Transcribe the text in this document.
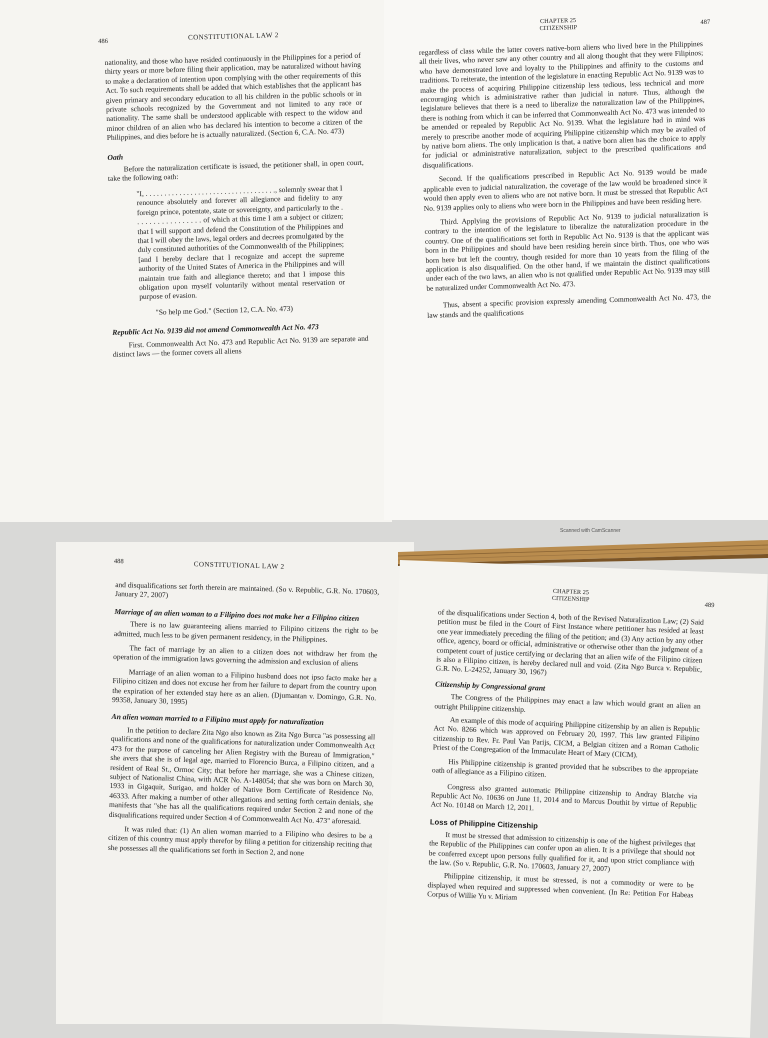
486	CONSTITUTIONAL LAW 2

nationality, and those who have resided continuously in the Philippines for a period of thirty years or more before filing their application, may be naturalized without having to make a declaration of intention upon complying with the other requirements of this Act. To such requirements shall be added that which establishes that the applicant has given primary and secondary education to all his children in the public schools or in private schools recognized by the Government and not limited to any race or nationality. The same shall be understood applicable with respect to the widow and minor children of an alien who has declared his intention to become a citizen of the Philippines, and dies before he is actually naturalized. (Section 6, C.A. No. 473)

Oath

Before the naturalization certificate is issued, the petitioner shall, in open court, take the following oath:

"I, . . . . . . . . . . . . . . . . . . . . . . . . . . . . . . . . . . ., solemnly swear that I renounce absolutely and forever all allegiance and fidelity to any foreign prince, potentate, state or sovereignty, and particularly to the . . . . . . . . . . . . . . . . . of which at this time I am a subject or citizen; that I will support and defend the Constitution of the Philippines and that I will obey the laws, legal orders and decrees promulgated by the duly constituted authorities of the Commonwealth of the Philippines; [and I hereby declare that I recognize and accept the supreme authority of the United States of America in the Philippines and will maintain true faith and allegiance thereto; and that I impose this obligation upon myself voluntarily without mental reservation or purpose of evasion.

"So help me God." (Section 12, C.A. No. 473)

Republic Act No. 9139 did not amend Commonwealth Act No. 473

First. Commonwealth Act No. 473 and Republic Act No. 9139 are separate and distinct laws — the former covers all aliens

CHAPTER 25
CITIZENSHIP
487

regardless of class while the latter covers native-born aliens who lived here in the Philippines all their lives, who never saw any other country and all along thought that they were Filipinos; who have demonstrated love and loyalty to the Philippines and affinity to the customs and traditions. To reiterate, the intention of the legislature in enacting Republic Act No. 9139 was to make the process of acquiring Philippine citizenship less tedious, less technical and more encouraging which is administrative rather than judicial in nature. Thus, although the legislature believes that there is a need to liberalize the naturalization law of the Philippines, there is nothing from which it can be inferred that Commonwealth Act No. 473 was intended to be amended or repealed by Republic Act No. 9139. What the legislature had in mind was merely to prescribe another mode of acquiring Philippine citizenship which may be availed of by native born aliens. The only implication is that, a native born alien has the choice to apply for judicial or administrative naturalization, subject to the prescribed qualifications and disqualifications.

Second. If the qualifications prescribed in Republic Act No. 9139 would be made applicable even to judicial naturalization, the coverage of the law would be broadened since it would then apply even to aliens who are not native born. It must be stressed that Republic Act No. 9139 applies only to aliens who were born in the Philippines and have been residing here.

Third. Applying the provisions of Republic Act No. 9139 to judicial naturalization is contrary to the intention of the legislature to liberalize the naturalization procedure in the country. One of the qualifications set forth in Republic Act No. 9139 is that the applicant was born in the Philippines and should have been residing herein since birth. Thus, one who was born here but left the country, though resided for more than 10 years from the filing of the application is also disqualified. On the other hand, if we maintain the distinct qualifications under each of the two laws, an alien who is not qualified under Republic Act No. 9139 may still be naturalized under Commonwealth Act No. 473.

Thus, absent a specific provision expressly amending Commonwealth Act No. 473, the law stands and the qualifications

Scanned with CamScanner
488	CONSTITUTIONAL LAW 2

and disqualifications set forth therein are maintained. (So v. Republic, G.R. No. 170603, January 27, 2007)

Marriage of an alien woman to a Filipino does not make her a Filipino citizen

There is no law guaranteeing aliens married to Filipino citizens the right to be admitted, much less to be given permanent residency, in the Philippines.

The fact of marriage by an alien to a citizen does not withdraw her from the operation of the immigration laws governing the admission and exclusion of aliens

Marriage of an alien woman to a Filipino husband does not ipso facto make her a Filipino citizen and does not excuse her from her failure to depart from the country upon the expiration of her extended stay here as an alien. (Djumantan v. Domingo, G.R. No. 99358, January 30, 1995)

An alien woman married to a Filipino must apply for naturalization

In the petition to declare Zita Ngo also known as Zita Ngo Burca "as possessing all qualifications and none of the qualifications for naturalization under Commonwealth Act 473 for the purpose of canceling her Alien Registry with the Bureau of Immigration," she avers that she is of legal age, married to Florencio Burca, a Filipino citizen, and a resident of Real St., Ormoc City; that before her marriage, she was a Chinese citizen, subject of Nationalist China, with ACR No. A-148054; that she was born on March 30, 1933 in Gigaquit, Surigao, and holder of Native Born Certificate of Residence No. 46333. After making a number of other allegations and setting forth certain denials, she manifests that "she has all the qualifications required under Section 2 and none of the disqualifications required under Section 4 of Commonwealth Act No. 473" aforesaid.

It was ruled that: (1) An alien woman married to a Filipino who desires to be a citizen of this country must apply therefor by filing a petition for citizenship reciting that she possesses all the qualifications set forth in Section 2, and none

CHAPTER 25
CITIZENSHIP
489

of the disqualifications under Section 4, both of the Revised Naturalization Law; (2) Said petition must be filed in the Court of First Instance where petitioner has resided at least one year immediately preceding the filing of the petition; and (3) Any action by any other office, agency, board or official, administrative or otherwise other than the judgment of a competent court of justice certifying or declaring that an alien wife of the Filipino citizen is also a Filipino citizen, is hereby declared null and void. (Zita Ngo Burca v. Republic, G.R. No. L-24252, January 30, 1967)

Citizenship by Congressional grant

The Congress of the Philippines may enact a law which would grant an alien an outright Philippine citizenship.

An example of this mode of acquiring Philippine citizenship by an alien is Republic Act No. 8266 which was approved on February 20, 1997. This law granted Filipino citizenship to Rev. Fr. Paul Van Parijs, CICM, a Belgian citizen and a Roman Catholic Priest of the Congregation of the Immaculate Heart of Mary (CICM).

His Philippine citizenship is granted provided that he subscribes to the appropriate oath of allegiance as a Filipino citizen.

Congress also granted automatic Philippine citizenship to Andray Blatche via Republic Act No. 10636 on June 11, 2014 and to Marcus Douthit by virtue of Republic Act No. 10148 on March 12, 2011.

Loss of Philippine Citizenship

It must be stressed that admission to citizenship is one of the highest privileges that the Republic of the Philippines can confer upon an alien. It is a privilege that should not be conferred except upon persons fully qualified for it, and upon strict compliance with the law. (So v. Republic, G.R. No. 170603, January 27, 2007)

Philippine citizenship, it must be stressed, is not a commodity or were to be displayed when required and suppressed when convenient. (In Re: Petition For Habeas Corpus of Willie Yu v. Miriam
